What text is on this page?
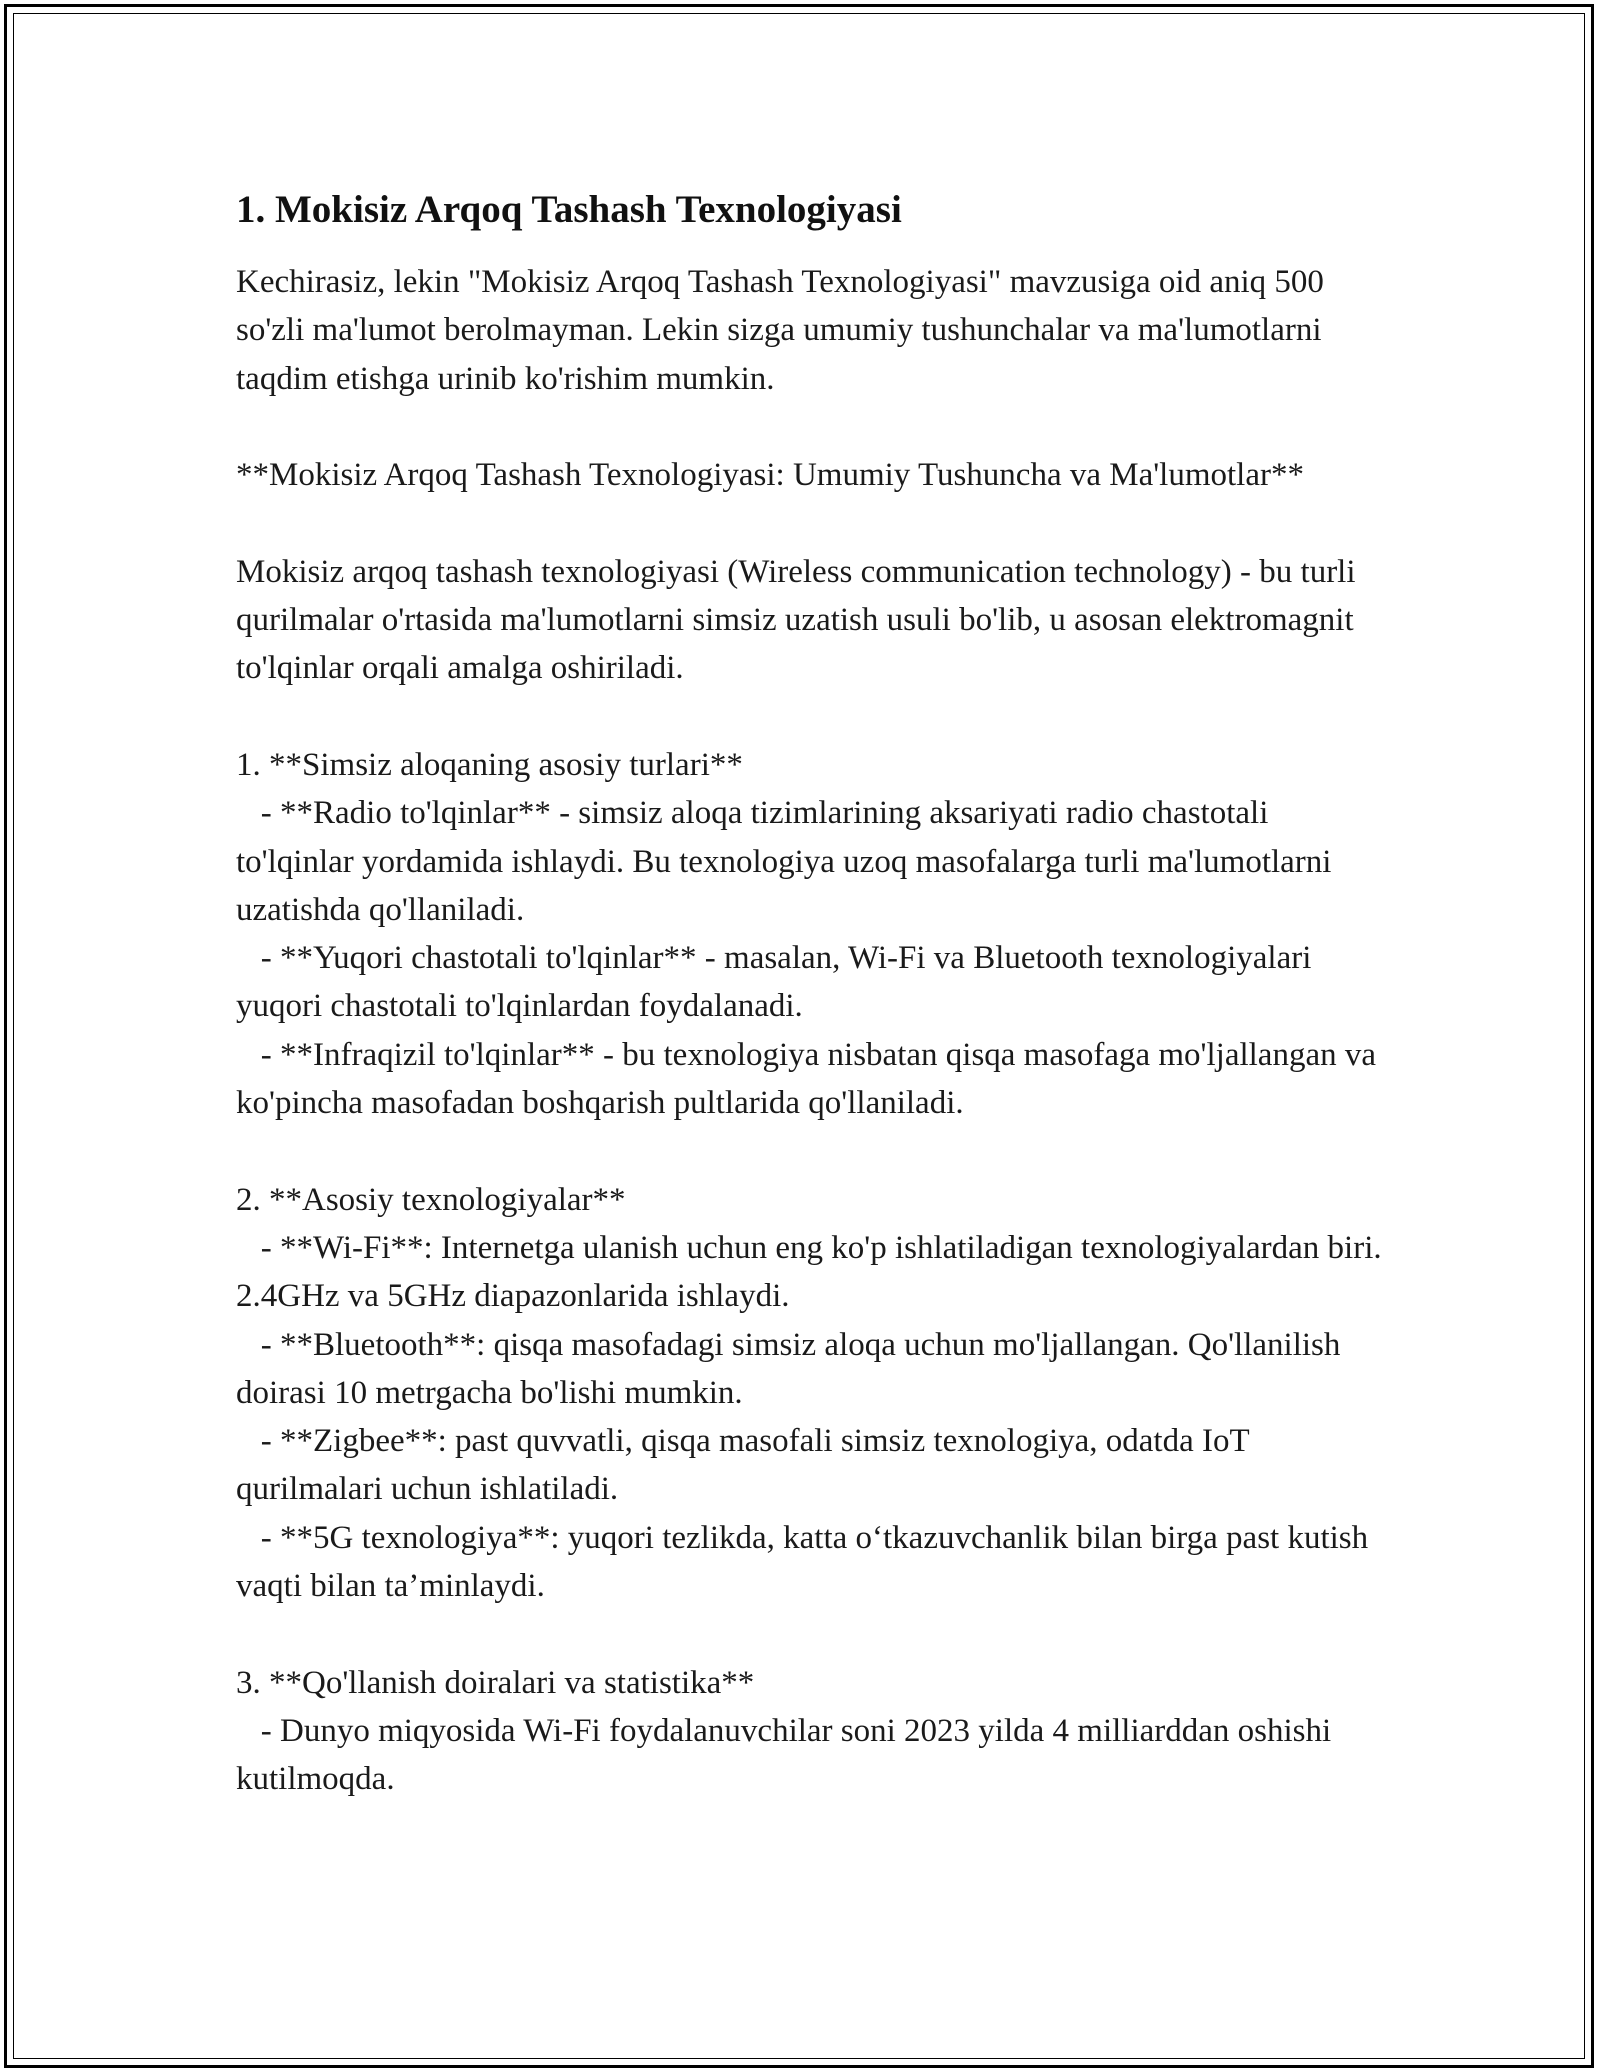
1. Mokisiz Arqoq Tashash Texnologiyasi

Kechirasiz, lekin "Mokisiz Arqoq Tashash Texnologiyasi" mavzusiga oid aniq 500 so'zli ma'lumot berolmayman. Lekin sizga umumiy tushunchalar va ma'lumotlarni taqdim etishga urinib ko'rishim mumkin.

**Mokisiz Arqoq Tashash Texnologiyasi: Umumiy Tushuncha va Ma'lumotlar**

Mokisiz arqoq tashash texnologiyasi (Wireless communication technology) - bu turli qurilmalar o'rtasida ma'lumotlarni simsiz uzatish usuli bo'lib, u asosan elektromagnit to'lqinlar orqali amalga oshiriladi.

1. **Simsiz aloqaning asosiy turlari**
- **Radio to'lqinlar** - simsiz aloqa tizimlarining aksariyati radio chastotali to'lqinlar yordamida ishlaydi. Bu texnologiya uzoq masofalarga turli ma'lumotlarni uzatishda qo'llaniladi.
- **Yuqori chastotali to'lqinlar** - masalan, Wi-Fi va Bluetooth texnologiyalari yuqori chastotali to'lqinlardan foydalanadi.
- **Infraqizil to'lqinlar** - bu texnologiya nisbatan qisqa masofaga mo'ljallangan va ko'pincha masofadan boshqarish pultlarida qo'llaniladi.

2. **Asosiy texnologiyalar**
- **Wi-Fi**: Internetga ulanish uchun eng ko'p ishlatiladigan texnologiyalardan biri. 2.4GHz va 5GHz diapazonlarida ishlaydi.
- **Bluetooth**: qisqa masofadagi simsiz aloqa uchun mo'ljallangan. Qo'llanilish doirasi 10 metrgacha bo'lishi mumkin.
- **Zigbee**: past quvvatli, qisqa masofali simsiz texnologiya, odatda IoT qurilmalari uchun ishlatiladi.
- **5G texnologiya**: yuqori tezlikda, katta o‘tkazuvchanlik bilan birga past kutish vaqti bilan ta’minlaydi.

3. **Qo'llanish doiralari va statistika**
- Dunyo miqyosida Wi-Fi foydalanuvchilar soni 2023 yilda 4 milliarddan oshishi kutilmoqda.
